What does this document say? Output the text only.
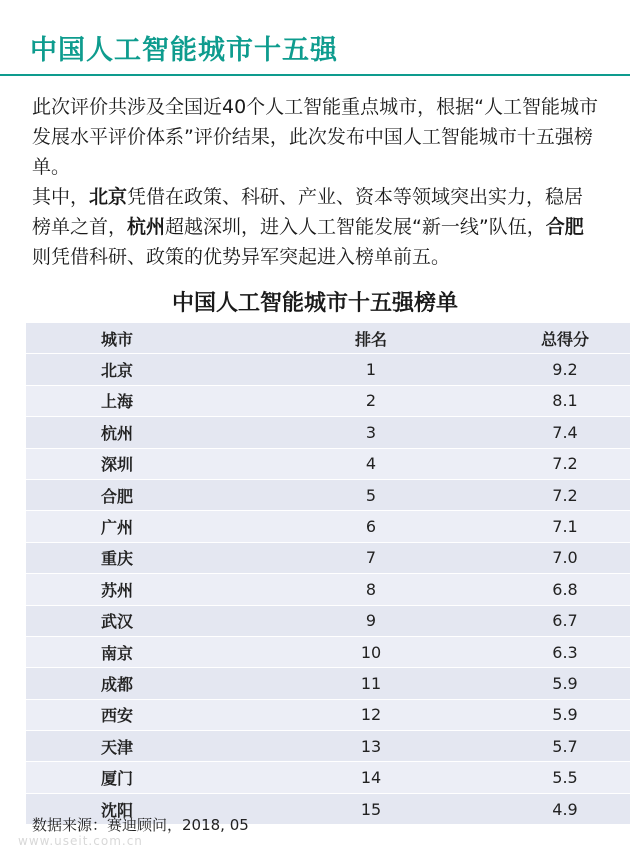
中国人工智能城市十五强

此次评价共涉及全国近40个人工智能重点城市，根据“人工智能城市发展水平评价体系”评价结果，此次发布中国人工智能城市十五强榜单。

其中，北京凭借在政策、科研、产业、资本等领域突出实力，稳居榜单之首，杭州超越深圳，进入人工智能发展“新一线”队伍，合肥则凭借科研、政策的优势异军突起进入榜单前五。

中国人工智能城市十五强榜单
城市	排名	总得分
北京	1	9.2
上海	2	8.1
杭州	3	7.4
深圳	4	7.2
合肥	5	7.2
广州	6	7.1
重庆	7	7.0
苏州	8	6.8
武汉	9	6.7
南京	10	6.3
成都	11	5.9
西安	12	5.9
天津	13	5.7
厦门	14	5.5
沈阳	15	4.9
数据来源：赛迪顾问，2018, 05
www.useit.com.cn
